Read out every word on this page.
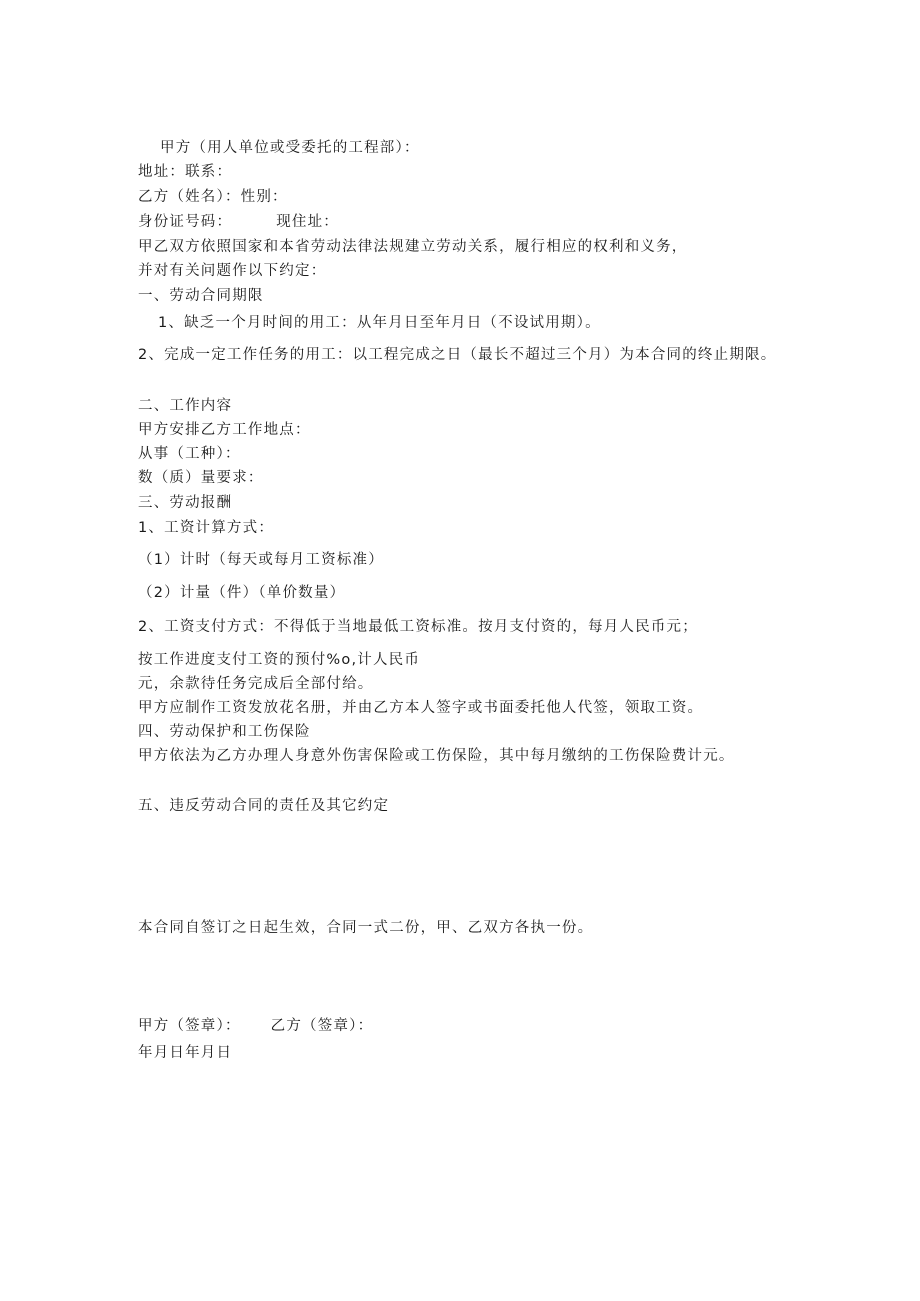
甲方（用人单位或受委托的工程部）：
地址：联系：
乙方（姓名）：性别：
身份证号码：	现住址：
甲乙双方依照国家和本省劳动法律法规建立劳动关系，履行相应的权利和义务，
并对有关问题作以下约定：
一、劳动合同期限
1、缺乏一个月时间的用工：从年月日至年月日（不设试用期）。
2、完成一定工作任务的用工：以工程完成之日（最长不超过三个月）为本合同的终止期限。
二、工作内容
甲方安排乙方工作地点：
从事（工种）：
数（质）量要求：
三、劳动报酬
1、工资计算方式：
（1）计时（每天或每月工资标准）
（2）计量（件）（单价数量）
2、工资支付方式：不得低于当地最低工资标准。按月支付资的，每月人民币元；
按工作进度支付工资的预付%o,计人民币
元，余款待任务完成后全部付给。
甲方应制作工资发放花名册，并由乙方本人签字或书面委托他人代签，领取工资。
四、劳动保护和工伤保险
甲方依法为乙方办理人身意外伤害保险或工伤保险，其中每月缴纳的工伤保险费计元。
五、违反劳动合同的责任及其它约定
本合同自签订之日起生效，合同一式二份，甲、乙双方各执一份。
甲方（签章）： 乙方（签章）：
年月日年月日
